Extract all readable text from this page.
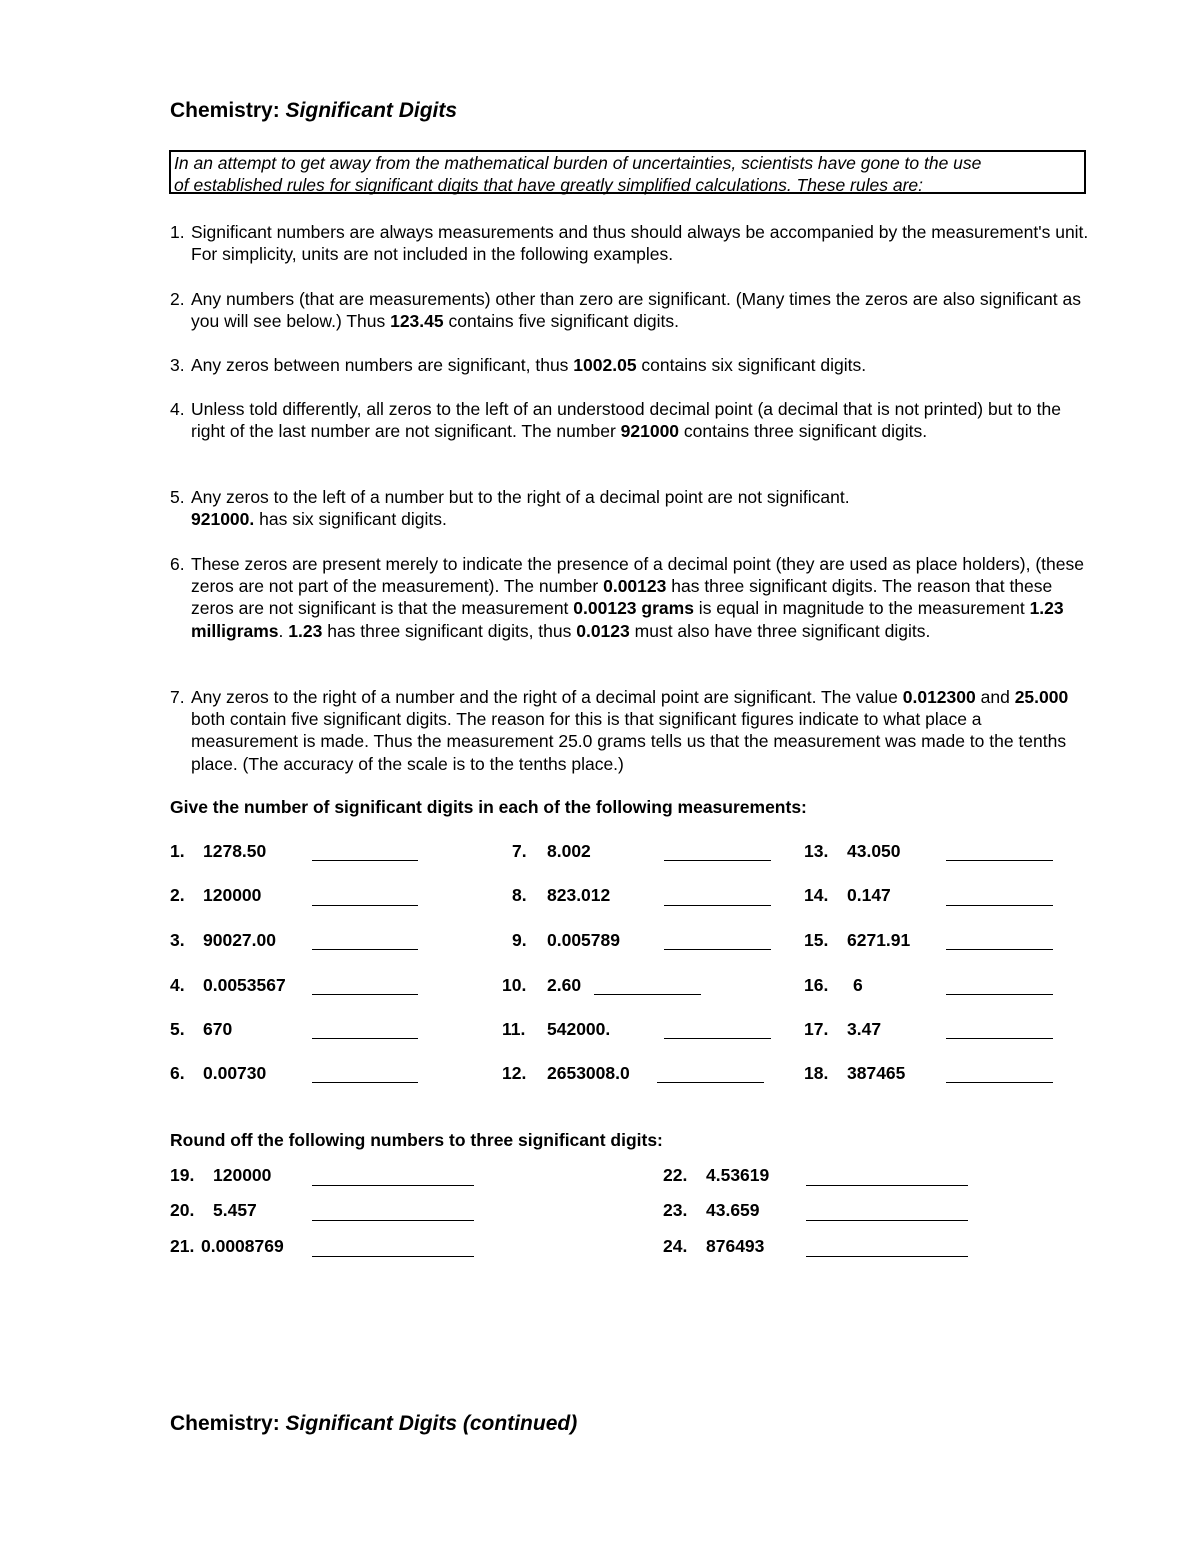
Chemistry: Significant Digits
In an attempt to get away from the mathematical burden of uncertainties, scientists have gone to the use
of established rules for significant digits that have greatly simplified calculations. These rules are:
1. Significant numbers are always measurements and thus should always be accompanied by the measurement's unit. For simplicity, units are not included in the following examples.
2. Any numbers (that are measurements) other than zero are significant. (Many times the zeros are also significant as you will see below.) Thus 123.45 contains five significant digits.
3. Any zeros between numbers are significant, thus 1002.05 contains six significant digits.
4. Unless told differently, all zeros to the left of an understood decimal point (a decimal that is not printed) but to the right of the last number are not significant. The number 921000 contains three significant digits.
5. Any zeros to the left of a number but to the right of a decimal point are not significant.
921000. has six significant digits.
6. These zeros are present merely to indicate the presence of a decimal point (they are used as place holders), (these zeros are not part of the measurement). The number 0.00123 has three significant digits. The reason that these zeros are not significant is that the measurement 0.00123 grams is equal in magnitude to the measurement 1.23 milligrams. 1.23 has three significant digits, thus 0.0123 must also have three significant digits.
7. Any zeros to the right of a number and the right of a decimal point are significant. The value 0.012300 and 25.000 both contain five significant digits. The reason for this is that significant figures indicate to what place a measurement is made. Thus the measurement 25.0 grams tells us that the measurement was made to the tenths place. (The accuracy of the scale is to the tenths place.)
Give the number of significant digits in each of the following measurements:
1. 1278.50
2. 120000
3. 90027.00
4. 0.0053567
5. 670
6. 0.00730
7. 8.002
8. 823.012
9. 0.005789
10. 2.60
11. 542000.
12. 2653008.0
13. 43.050
14. 0.147
15. 6271.91
16. 6
17. 3.47
18. 387465
Round off the following numbers to three significant digits:
19. 120000
20. 5.457
21. 0.0008769
22. 4.53619
23. 43.659
24. 876493
Chemistry: Significant Digits (continued)
